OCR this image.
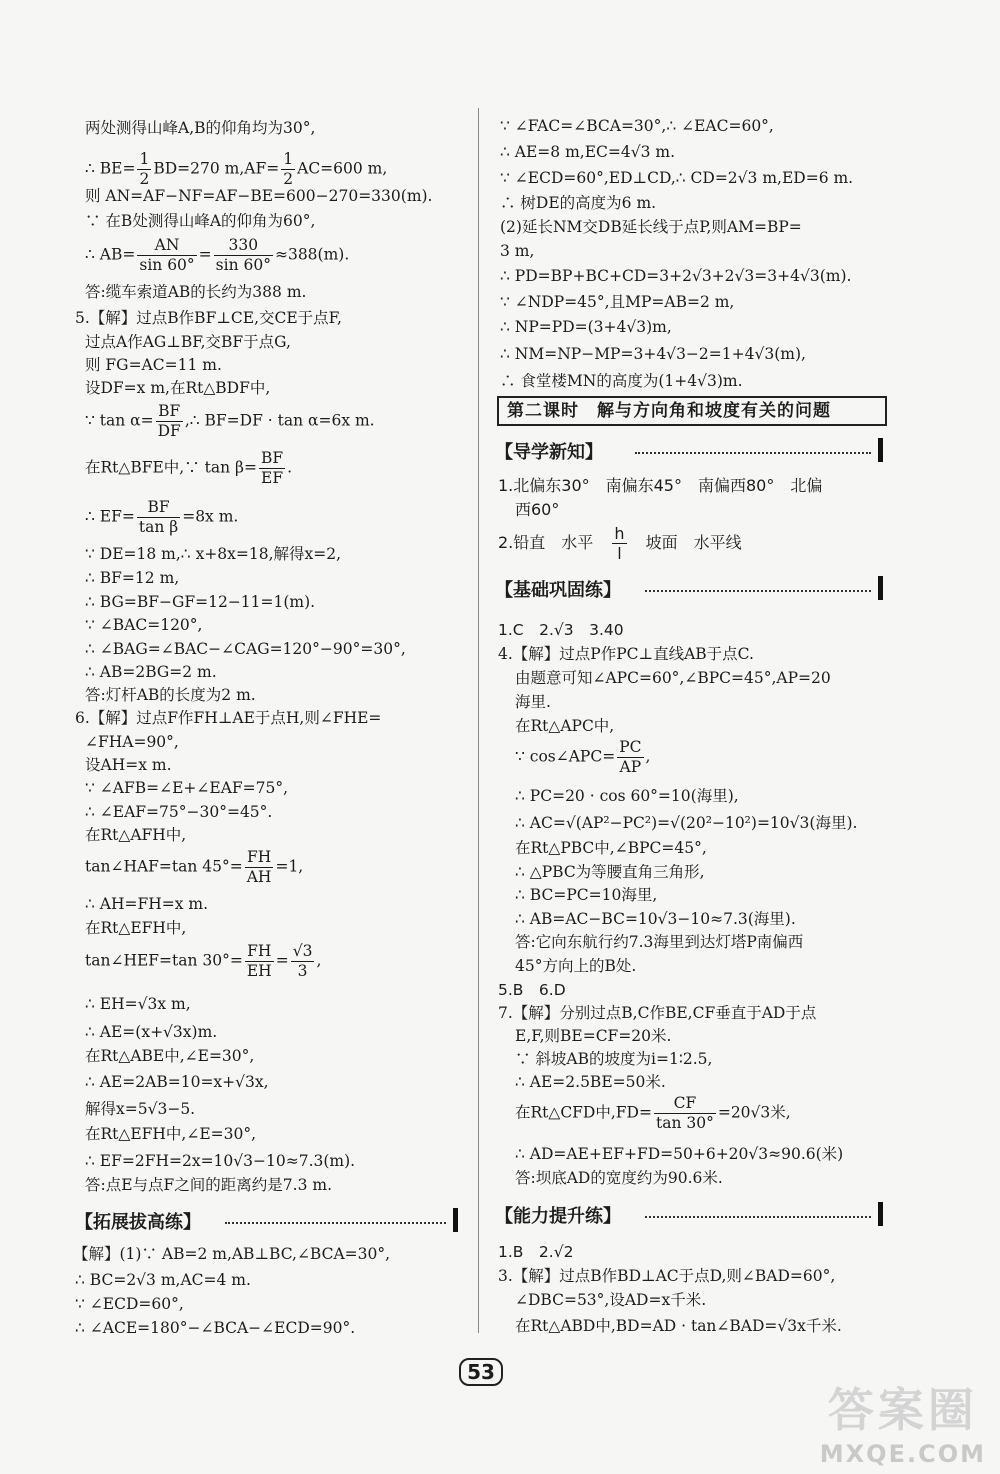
两处测得山峰A,B的仰角均为30°,
∴ $BE= \frac{1}{2} BD=270$ $m,AF= \frac{1}{2} AC=600$ m,
则 AN=AF−NF=AF−BE=600−270=330(m).
∵ 在B处测得山峰A的仰角为60°,
∴ $AB= \frac{AN}{\sin 60^\circ} = \frac{330}{\sin 60^\circ} \approx 388(m)$.
答:缆车索道AB的长约为388 m.
5.【解】过点B作BF⊥CE,交CE于点F,
过点A作AG⊥BF,交BF于点G,
则 FG=AC=11 m.
设DF=x m,在Rt△BDF中,
∵ $\tan \alpha= \frac{BF}{DF}$ ,∴ BF=DF · tan α=6x m.
在Rt△BFE中,∵ $\tan \beta= \frac{BF}{EF}$ .
∴ $EF= \frac{BF}{\text{tan β}} =8x$ m.
∵ DE=18 m,∴ x+8x=18,解得x=2,
∴ BF=12 m,
∴ BG=BF−GF=12−11=1(m).
∵ ∠BAC=120°,
∴ ∠BAG=∠BAC−∠CAG=120°−90°=30°,
∴ AB=2BG=2 m.
答:灯杆AB的长度为2 m.
6.【解】过点F作FH⊥AE于点H,则∠FHE=
∠FHA=90°,
设AH=x m.
∵ ∠AFB=∠E+∠EAF=75°,
∴ ∠EAF=75°−30°=45°.
在Rt△AFH中,
tan∠HAF=tan $45^\circ= \frac{FH}{AH} =1$,
∴ AH=FH=x m.
在Rt△EFH中,
tan∠HEF=tan $30^\circ= \frac{FH}{EH} = \frac{√3}{3}$ ,
∴ EH=√3x m,
∴ AE=(x+√3x)m.
在Rt△ABE中,∠E=30°,
∴ AE=2AB=10=x+√3x,
解得x=5√3−5.
在Rt△EFH中,∠E=30°,
∴ EF=2FH=2x=10√3−10≈7.3(m).
答:点E与点F之间的距离约是7.3 m.
【拓展拔高练】
【解】(1)∵ AB=2 m,AB⊥BC,∠BCA=30°,
∴ BC=2√3 m,AC=4 m.
∵ ∠ECD=60°,
∴ ∠ACE=180°−∠BCA−∠ECD=90°.
∵ ∠FAC=∠BCA=30°,∴ ∠EAC=60°,
∴ AE=8 m,EC=4√3 m.
∵ ∠ECD=60°,ED⊥CD,∴ CD=2√3 m,ED=6 m.
∴ 树DE的高度为6 m.
(2)延长NM交DB延长线于点P,则AM=BP=
3 m,
∴ PD=BP+BC+CD=3+2√3+2√3=3+4√3(m).
∵ ∠NDP=45°,且MP=AB=2 m,
∴ NP=PD=(3+4√3)m,
∴ NM=NP−MP=3+4√3−2=1+4√3(m),
∴ 食堂楼MN的高度为(1+4√3)m.
第二课时　解与方向角和坡度有关的问题
【导学新知】
1.北偏东30°　南偏东45°　南偏西80°　北偏
西60°
2.铅直　水平 $\frac{h}{l}$ 坡面　水平线
【基础巩固练】
1.C　2.√3　3.40
4.【解】过点P作PC⊥直线AB于点C.
由题意可知∠APC=60°,∠BPC=45°,AP=20
海里.
在Rt△APC中,
∵ cos∠APC= $\frac{PC}{AP}$ ,
∴ PC=20 · cos 60°=10(海里),
∴ AC=√(AP²−PC²)=√(20²−10²)=10√3(海里).
在Rt△PBC中,∠BPC=45°,
∴ △PBC为等腰直角三角形,
∴ BC=PC=10海里,
∴ AB=AC−BC=10√3−10≈7.3(海里).
答:它向东航行约7.3海里到达灯塔P南偏西
45°方向上的B处.
5.B　6.D
7.【解】分别过点B,C作BE,CF垂直于AD于点
E,F,则BE=CF=20米.
∵ 斜坡AB的坡度为i=1∶2.5,
∴ AE=2.5BE=50米.
在Rt△CFD中$,FD= \frac{CF}{\tan 30^\circ} =20√3$米,
∴ AD=AE+EF+FD=50+6+20√3≈90.6(米)
答:坝底AD的宽度约为90.6米.
【能力提升练】
1.B　2.√2
3.【解】过点B作BD⊥AC于点D,则∠BAD=60°,
∠DBC=53°,设AD=x千米.
在Rt△ABD中,BD=AD · tan∠BAD=√3x千米.
53
答案圈
MXQE.COM
